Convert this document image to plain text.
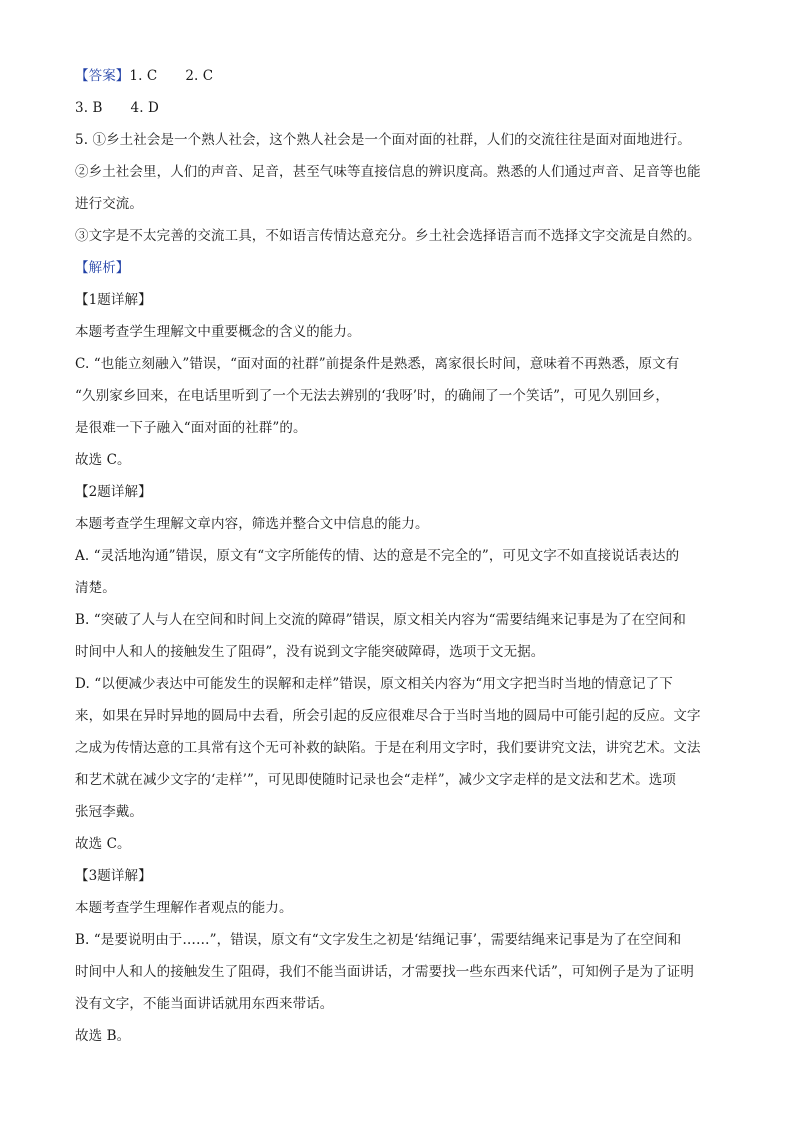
【答案】1. C 2. C
3. B 4. D
5. ①乡土社会是一个熟人社会，这个熟人社会是一个面对面的社群，人们的交流往往是面对面地进行。
②乡土社会里，人们的声音、足音，甚至气味等直接信息的辨识度高。熟悉的人们通过声音、足音等也能
进行交流。
③文字是不太完善的交流工具，不如语言传情达意充分。乡土社会选择语言而不选择文字交流是自然的。
【解析】
【1题详解】
本题考查学生理解文中重要概念的含义的能力。
C. “也能立刻融入”错误，“面对面的社群”前提条件是熟悉，离家很长时间，意味着不再熟悉，原文有
“久别家乡回来，在电话里听到了一个无法去辨别的‘我呀’时，的确闹了一个笑话”，可见久别回乡，
是很难一下子融入“面对面的社群”的。
故选 C。
【2题详解】
本题考查学生理解文章内容，筛选并整合文中信息的能力。
A. “灵活地沟通”错误，原文有“文字所能传的情、达的意是不完全的”，可见文字不如直接说话表达的
清楚。
B. “突破了人与人在空间和时间上交流的障碍”错误，原文相关内容为“需要结绳来记事是为了在空间和
时间中人和人的接触发生了阻碍”，没有说到文字能突破障碍，选项于文无据。
D. “以便减少表达中可能发生的误解和走样”错误，原文相关内容为“用文字把当时当地的情意记了下
来，如果在异时异地的圆局中去看，所会引起的反应很难尽合于当时当地的圆局中可能引起的反应。文字
之成为传情达意的工具常有这个无可补救的缺陷。于是在利用文字时，我们要讲究文法，讲究艺术。文法
和艺术就在减少文字的‘走样’”，可见即使随时记录也会“走样”，减少文字走样的是文法和艺术。选项
张冠李戴。
故选 C。
【3题详解】
本题考查学生理解作者观点的能力。
B. “是要说明由于……”，错误，原文有“文字发生之初是‘结绳记事’，需要结绳来记事是为了在空间和
时间中人和人的接触发生了阻碍，我们不能当面讲话，才需要找一些东西来代话”，可知例子是为了证明
没有文字，不能当面讲话就用东西来带话。
故选 B。
